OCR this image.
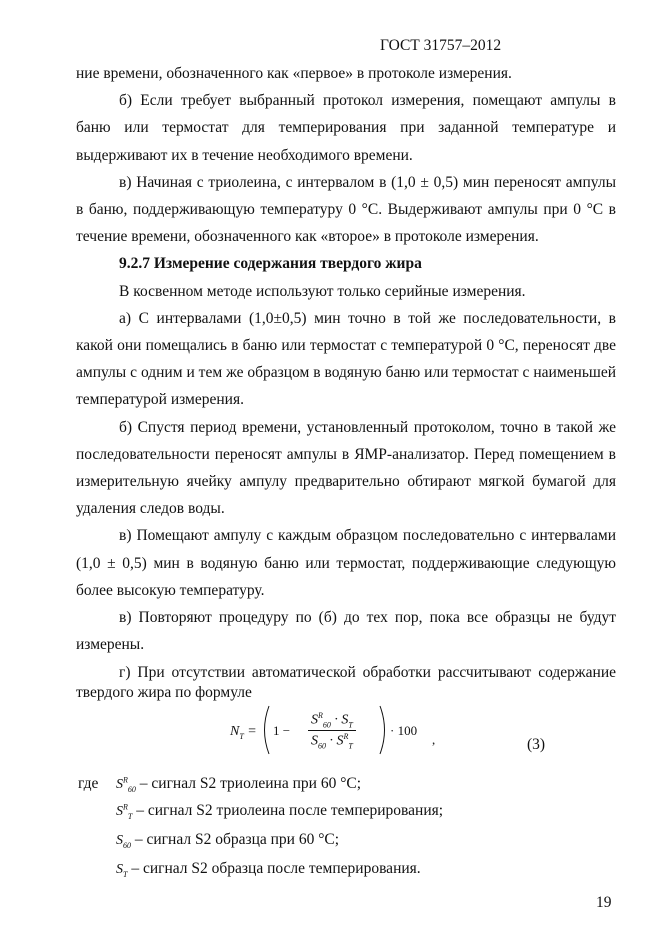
ГОСТ 31757–2012

ние времени, обозначенного как «первое» в протоколе измерения.

б) Если требует выбранный протокол измерения, помещают ампулы в баню или термостат для темперирования при заданной температуре и выдерживают их в течение необходимого времени.

в) Начиная с триолеина, с интервалом в (1,0 ± 0,5) мин переносят ампулы в баню, поддерживающую температуру 0 °С. Выдерживают ампулы при 0 °С в течение времени, обозначенного как «второе» в протоколе измерения.

9.2.7 Измерение содержания твердого жира

В косвенном методе используют только серийные измерения.

а) С интервалами (1,0±0,5) мин точно в той же последовательности, в какой они помещались в баню или термостат с температурой 0 °С, переносят две ампулы с одним и тем же образцом в водяную баню или термостат с наименьшей температурой измерения.

б) Спустя период времени, установленный протоколом, точно в такой же последовательности переносят ампулы в ЯМР-анализатор. Перед помещением в измерительную ячейку ампулу предварительно обтирают мягкой бумагой для удаления следов воды.

в) Помещают ампулу с каждым образцом последовательно с интервалами (1,0 ± 0,5) мин в водяную баню или термостат, поддерживающие следующую более высокую температуру.

в) Повторяют процедуру по (б) до тех пор, пока все образцы не будут измерены.

г) При отсутствии автоматической обработки рассчитывают содержание твердого жира по формуле

$N_T = 1$ −
$S^R_{60} \cdot S_T$
$S_{60} \cdot S^R_T$
· 100
,	(3)
где $S^R_{60}$ – сигнал S2 триолеина при 60 °С;
$S^R_T$ – сигнал S2 триолеина после темперирования;
$S_{60}$ – сигнал S2 образца при 60 °С;
$S_T$ – сигнал S2 образца после темперирования.
19
